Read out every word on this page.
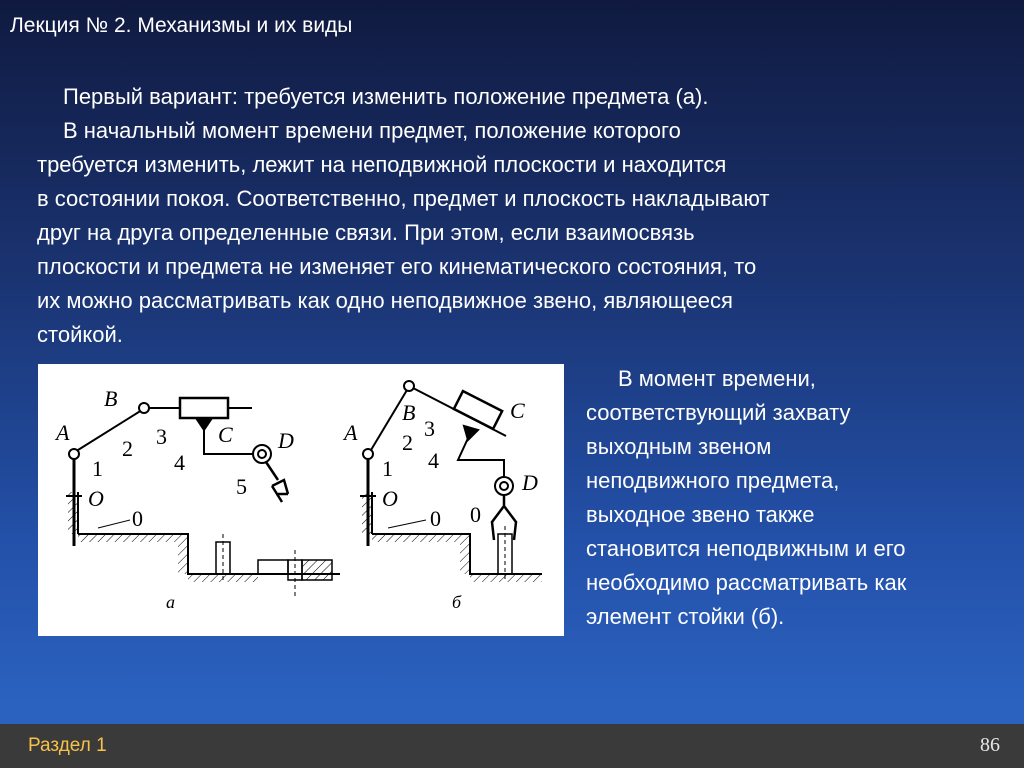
Лекция № 2. Механизмы и их виды
Первый вариант: требуется изменить положение предмета (а).
В начальный момент времени предмет, положение которого
требуется изменить, лежит на неподвижной плоскости и находится
в состоянии покоя. Соответственно, предмет и плоскость накладывают
друг на друга определенные связи. При этом, если взаимосвязь
плоскости и предмета не изменяет его кинематического состояния, то
их можно рассматривать как одно неподвижное звено, являющееся
стойкой.
A
B
C D
O
1
2 3
4
5
0
а
A
B	C
D
O
1
2
3
4
0
0
б
В момент времени,
соответствующий захвату
выходным звеном
неподвижного предмета,
выходное звено также
становится неподвижным и его
необходимо рассматривать как
элемент стойки (б).
Раздел 1	86
